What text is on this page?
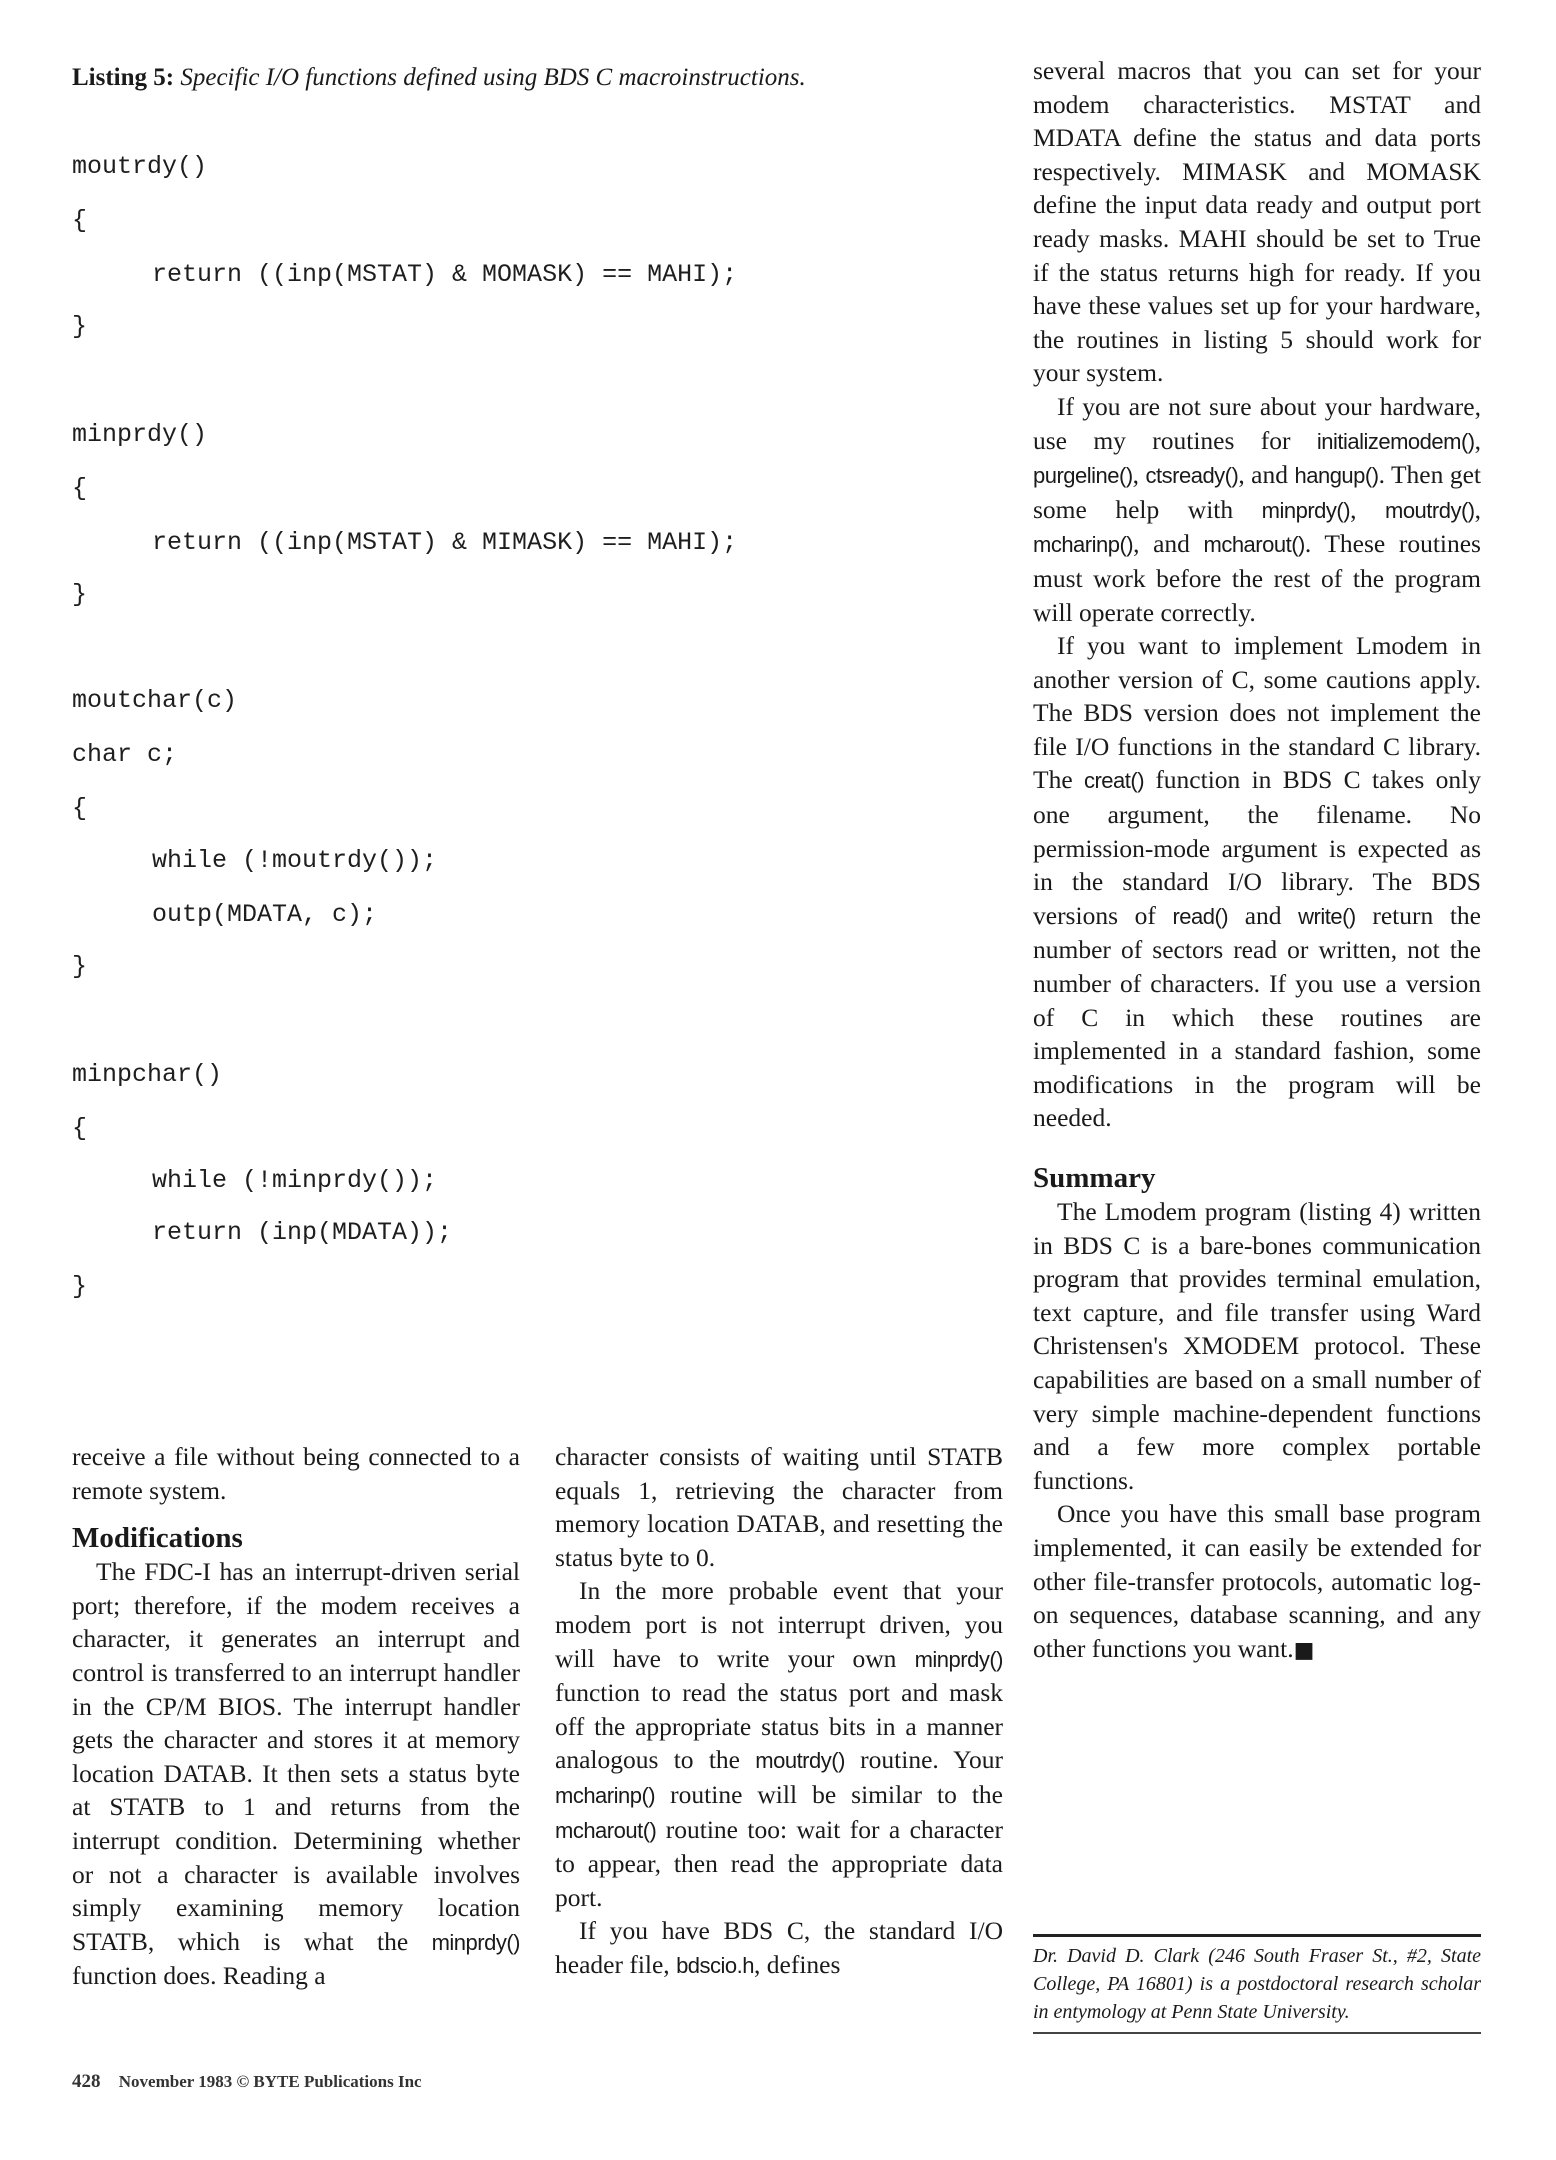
Listing 5: Specific I/O functions defined using BDS C macroinstructions.
moutrdy()
{
return ((inp(MSTAT) & MOMASK) == MAHI);
}
minprdy()
{
return ((inp(MSTAT) & MIMASK) == MAHI);
}
moutchar(c)
char c;
{
while (!moutrdy());
outp(MDATA, c);
}
minpchar()
{
while (!minprdy());
return (inp(MDATA));
}

receive a file without being connected to a remote system.

Modifications

The FDC-I has an interrupt-driven serial port; therefore, if the modem receives a character, it generates an interrupt and control is transferred to an interrupt handler in the CP/M BIOS. The interrupt handler gets the character and stores it at memory location DATAB. It then sets a status byte at STATB to 1 and returns from the interrupt condition. Determining whether or not a character is available involves simply examining memory location STATB, which is what the minprdy() function does. Reading a

character consists of waiting until STATB equals 1, retrieving the character from memory location DATAB, and resetting the status byte to 0.

In the more probable event that your modem port is not interrupt driven, you will have to write your own minprdy() function to read the status port and mask off the appropriate status bits in a manner analogous to the moutrdy() routine. Your mcharinp() routine will be similar to the mcharout() routine too: wait for a character to appear, then read the appropriate data port.

If you have BDS C, the standard I/O header file, bdscio.h, defines

several macros that you can set for your modem characteristics. MSTAT and MDATA define the status and data ports respectively. MIMASK and MOMASK define the input data ready and output port ready masks. MAHI should be set to True if the status returns high for ready. If you have these values set up for your hardware, the routines in listing 5 should work for your system.

If you are not sure about your hardware, use my routines for initializemodem(), purgeline(), ctsready(), and hangup(). Then get some help with minprdy(), moutrdy(), mcharinp(), and mcharout(). These routines must work before the rest of the program will operate correctly.

If you want to implement Lmodem in another version of C, some cautions apply. The BDS version does not implement the file I/O functions in the standard C library. The creat() function in BDS C takes only one argument, the filename. No permission-mode argument is expected as in the standard I/O library. The BDS versions of read() and write() return the number of sectors read or written, not the number of characters. If you use a version of C in which these routines are implemented in a standard fashion, some modifications in the program will be needed.

Summary

The Lmodem program (listing 4) written in BDS C is a bare-bones communication program that provides terminal emulation, text capture, and file transfer using Ward Christensen's XMODEM protocol. These capabilities are based on a small number of very simple machine-dependent functions and a few more complex portable functions.

Once you have this small base program implemented, it can easily be extended for other file-transfer protocols, automatic log-on sequences, database scanning, and any other functions you want.■

Dr. David D. Clark (246 South Fraser St., #2, State College, PA 16801) is a postdoctoral research scholar in entymology at Penn State University.
428 November 1983 © BYTE Publications Inc
